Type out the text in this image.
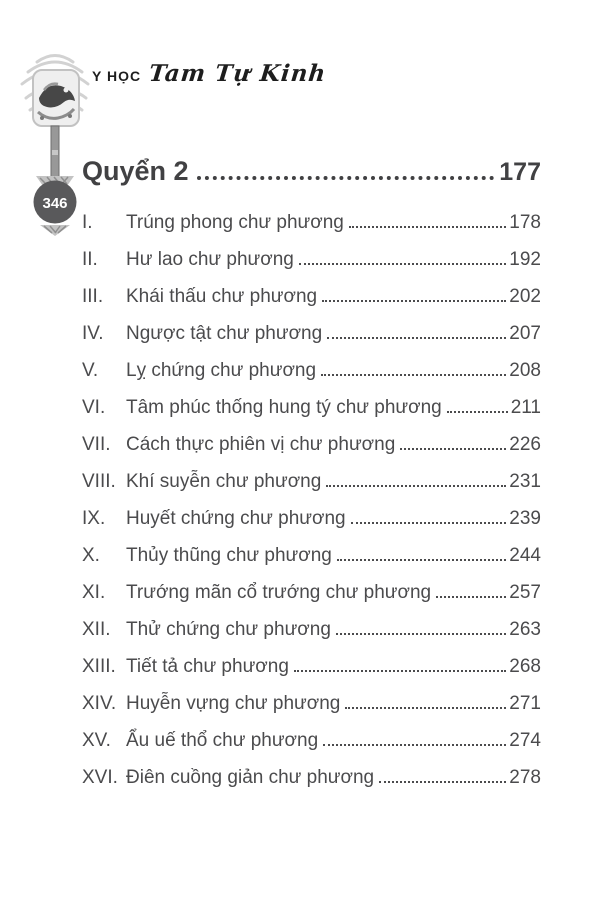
346
Y HỌC Tam Tự Kinh
Quyển 2	177
I.	Trúng phong chư phương	178
II.	Hư lao chư phương	192
III.	Khái thấu chư phương	202
IV.	Ngược tật chư phương	207
V.	Lỵ chứng chư phương	208
VI.	Tâm phúc thống hung tý chư phương	211
VII. Cách thực phiên vị chư phương	226
VIII. Khí suyễn chư phương	231
IX.	Huyết chứng chư phương	239
X.	Thủy thũng chư phương	244
XI.	Trướng mãn cổ trướng chư phương	257
XII. Thử chứng chư phương	263
XIII. Tiết tả chư phương	268
XIV. Huyễn vựng chư phương	271
XV. Ẩu uế thổ chư phương	274
XVI. Điên cuồng giản chư phương	278
